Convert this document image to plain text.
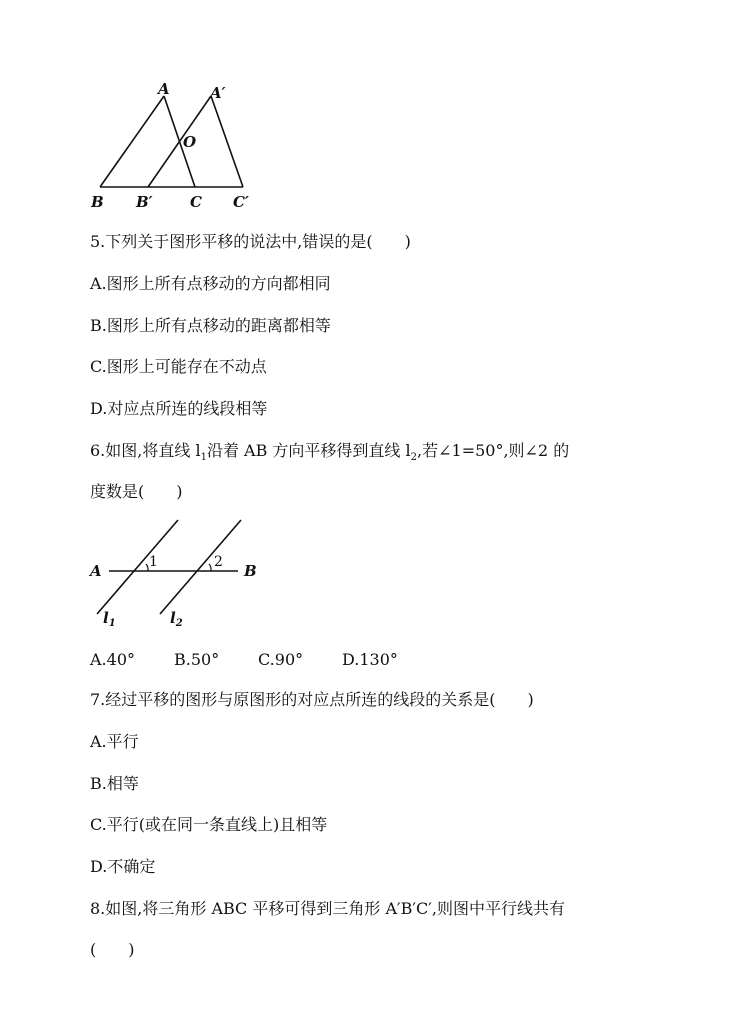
A	A′
O
B B′ C C′
5.下列关于图形平移的说法中,错误的是(　　)
A.图形上所有点移动的方向都相同
B.图形上所有点移动的距离都相等
C.图形上可能存在不动点
D.对应点所连的线段相等
6.如图,将直线 $l_1$沿着 AB 方向平移得到直线 $l_2$,若∠1=50°,则∠2 的
度数是(　　)
A	B
1	2
$l_1$	$l_2$
A.40° B.50° C.90° D.130°
7.经过平移的图形与原图形的对应点所连的线段的关系是(　　)
A.平行
B.相等
C.平行(或在同一条直线上)且相等
D.不确定
8.如图,将三角形 ABC 平移可得到三角形 A′B′C′,则图中平行线共有
(　　)
